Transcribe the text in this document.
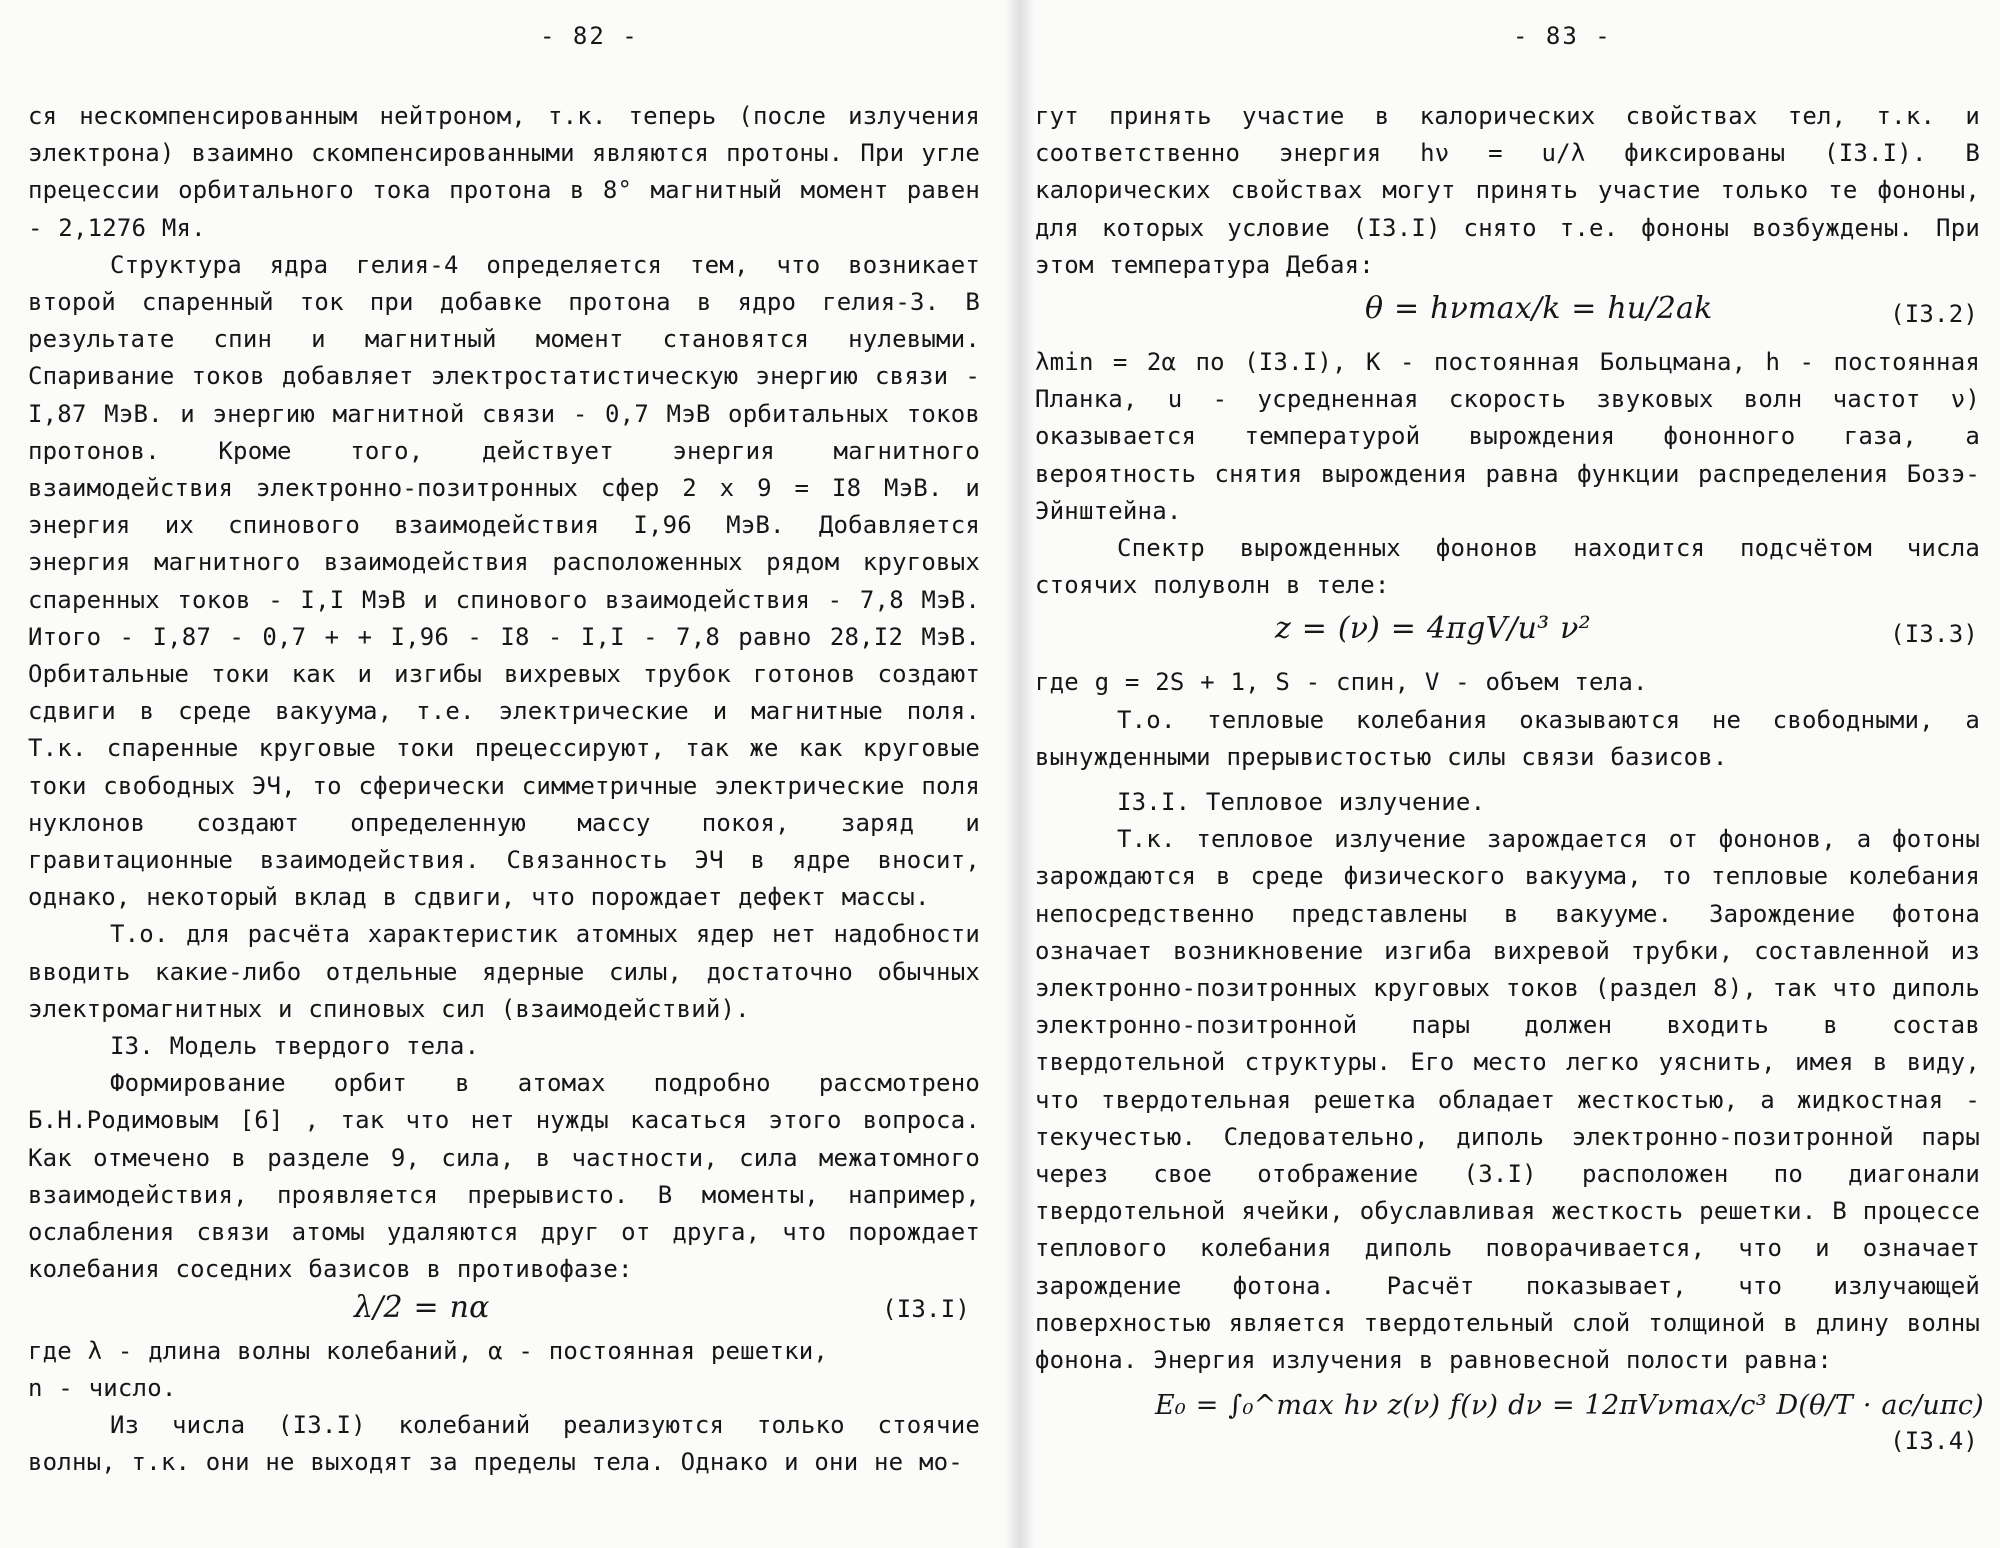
- 82 -

ся нескомпенсированным нейтроном, т.к. теперь (после излучения электрона) взаимно скомпенсированными являются протоны. При угле прецессии орбитального тока протона в 8° магнитный момент равен - 2,1276 Мя.

Структура ядра гелия-4 определяется тем, что возникает второй спаренный ток при добавке протона в ядро гелия-3. В результате спин и магнитный момент становятся нулевыми. Спаривание токов добавляет электростатистическую энергию связи - I,87 МэВ. и энергию магнитной связи - 0,7 МэВ орбитальных токов протонов. Кроме того, действует энергия магнитного взаимодействия электронно-позитронных сфер 2 x 9 = I8 МэВ. и энергия их спинового взаимодействия I,96 МэВ. Добавляется энергия магнитного взаимодействия расположенных рядом круговых спаренных токов - I,I МэВ и спинового взаимодействия - 7,8 МэВ. Итого - I,87 - 0,7 + + I,96 - I8 - I,I - 7,8 равно 28,I2 МэВ. Орбитальные токи как и изгибы вихревых трубок готонов создают сдвиги в среде вакуума, т.е. электрические и магнитные поля. Т.к. спаренные круговые токи прецессируют, так же как круговые токи свободных ЭЧ, то сферически симметричные электрические поля нуклонов создают определенную массу покоя, заряд и гравитационные взаимодействия. Связанность ЭЧ в ядре вносит, однако, некоторый вклад в сдвиги, что порождает дефект массы.

Т.о. для расчёта характеристик атомных ядер нет надобности вводить какие-либо отдельные ядерные силы, достаточно обычных электромагнитных и спиновых сил (взаимодействий).

I3. Модель твердого тела.

Формирование орбит в атомах подробно рассмотрено Б.Н.Родимовым [6] , так что нет нужды касаться этого вопроса. Как отмечено в разделе 9, сила, в частности, сила межатомного взаимодействия, проявляется прерывисто. В моменты, например, ослабления связи атомы удаляются друг от друга, что порождает колебания соседних базисов в противофазе:

λ/2 = nα	(I3.I)

где λ - длина волны колебаний, α - постоянная решетки,

n - число.

Из числа (I3.I) колебаний реализуются только стоячие волны, т.к. они не выходят за пределы тела. Однако и они не мо-

- 83 -

гут принять участие в калорических свойствах тел, т.к. и соответственно энергия hν = u/λ фиксированы (I3.I). В калорических свойствах могут принять участие только те фононы, для которых условие (I3.I) снято т.е. фононы возбуждены. При этом температура Дебая:

θ = hνmax/k = hu/2ak	(I3.2)

λmin = 2α по (I3.I), К - постоянная Больцмана, h - постоянная Планка, u - усредненная скорость звуковых волн частот ν) оказывается температурой вырождения фононного газа, а вероятность снятия вырождения равна функции распределения Бозэ-Эйнштейна.

Спектр вырожденных фононов находится подсчётом числа стоячих полуволн в теле:

z = (ν) = 4πgV/u³ ν²	(I3.3)

где g = 2S + 1, S - спин, V - объем тела.

Т.о. тепловые колебания оказываются не свободными, а вынужденными прерывистостью силы связи базисов.

I3.I. Тепловое излучение.

Т.к. тепловое излучение зарождается от фононов, а фотоны зарождаются в среде физического вакуума, то тепловые колебания непосредственно представлены в вакууме. Зарождение фотона означает возникновение изгиба вихревой трубки, составленной из электронно-позитронных круговых токов (раздел 8), так что диполь электронно-позитронной пары должен входить в состав твердотельной структуры. Его место легко уяснить, имея в виду, что твердотельная решетка обладает жесткостью, а жидкостная - текучестью. Следовательно, диполь электронно-позитронной пары через свое отображение (3.I) расположен по диагонали твердотельной ячейки, обуславливая жесткость решетки. В процессе теплового колебания диполь поворачивается, что и означает зарождение фотона. Расчёт показывает, что излучающей поверхностью является твердотельный слой толщиной в длину волны фонона. Энергия излучения в равновесной полости равна:

E₀ = ∫₀^max hν z(ν) f(ν) dν = 12πVνmax/c³ D(θ/T · ac/uπc)
(I3.4)
